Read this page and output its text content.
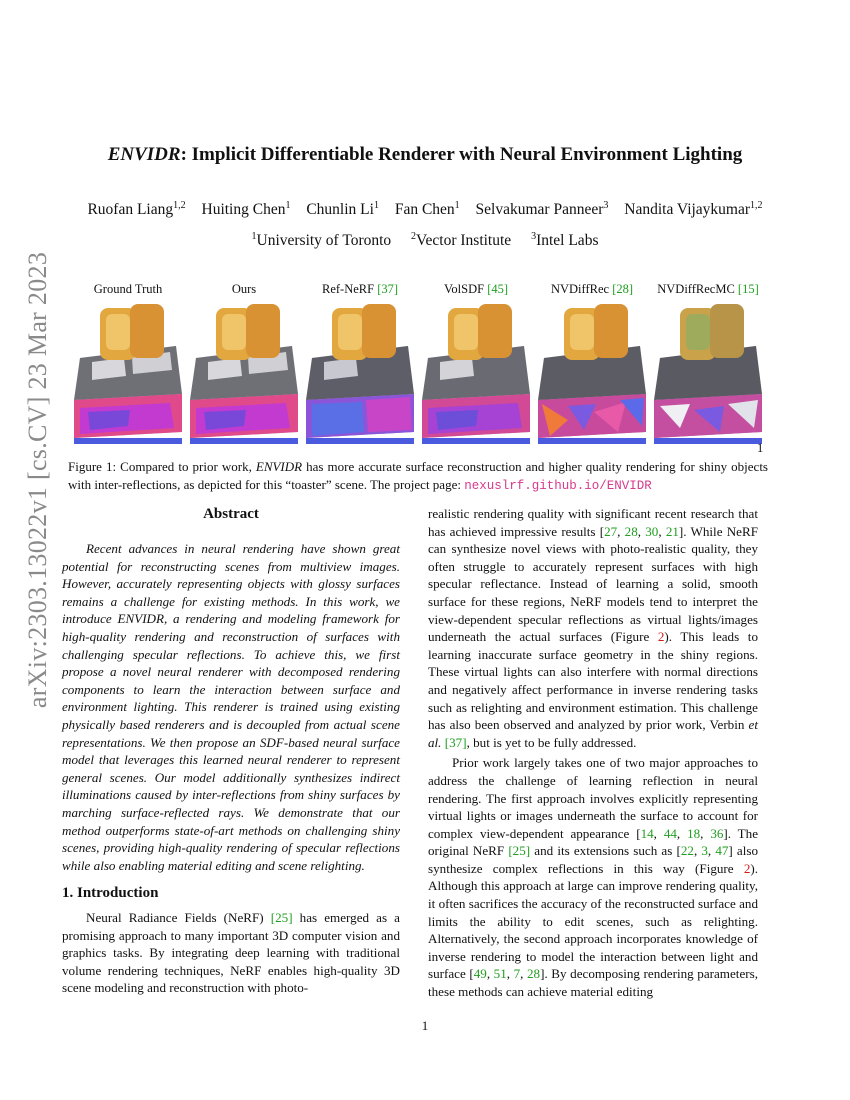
arXiv:2303.13022v1 [cs.CV] 23 Mar 2023
ENVIDR: Implicit Differentiable Renderer with Neural Environment Lighting
Ruofan Liang$^{1,2}$ Huiting Chen$^1$ Chunlin Li$^1$ Fan Chen$^1$ Selvakumar Panneer$^3$ Nandita Vijaykumar$^{1,2}$
$^1$University of Toronto $^2$Vector Institute $^3$Intel Labs
Ground Truth	Ours	Ref-NeRF [37]	VolSDF [45]	NVDiffRec [28]	NVDiffRecMC [15]
1
Figure 1: Compared to prior work, ENVIDR has more accurate surface reconstruction and higher quality rendering for shiny objects with inter-reflections, as depicted for this “toaster” scene. The project page: nexuslrf.github.io/ENVIDR
Abstract
Recent advances in neural rendering have shown great potential for reconstructing scenes from multiview images. However, accurately representing objects with glossy surfaces remains a challenge for existing methods. In this work, we introduce ENVIDR, a rendering and modeling framework for high-quality rendering and reconstruction of surfaces with challenging specular reflections. To achieve this, we first propose a novel neural renderer with decomposed rendering components to learn the interaction between surface and environment lighting. This renderer is trained using existing physically based renderers and is decoupled from actual scene representations. We then propose an SDF-based neural surface model that leverages this learned neural renderer to represent general scenes. Our model additionally synthesizes indirect illuminations caused by inter-reflections from shiny surfaces by marching surface-reflected rays. We demonstrate that our method outperforms state-of-art methods on challenging shiny scenes, providing high-quality rendering of specular reflections while also enabling material editing and scene relighting.
1. Introduction
Neural Radiance Fields (NeRF) [25] has emerged as a promising approach to many important 3D computer vision and graphics tasks. By integrating deep learning with traditional volume rendering techniques, NeRF enables high-quality 3D scene modeling and reconstruction with photo-

realistic rendering quality with significant recent research that has achieved impressive results [27, 28, 30, 21]. While NeRF can synthesize novel views with photo-realistic quality, they often struggle to accurately represent surfaces with high specular reflectance. Instead of learning a solid, smooth surface for these regions, NeRF models tend to interpret the view-dependent specular reflections as virtual lights/images underneath the actual surfaces (Figure 2). This leads to learning inaccurate surface geometry in the shiny regions. These virtual lights can also interfere with normal directions and negatively affect performance in inverse rendering tasks such as relighting and environment estimation. This challenge has also been observed and analyzed by prior work, Verbin et al. [37], but is yet to be fully addressed.

Prior work largely takes one of two major approaches to address the challenge of learning reflection in neural rendering. The first approach involves explicitly representing virtual lights or images underneath the surface to account for complex view-dependent appearance [14, 44, 18, 36]. The original NeRF [25] and its extensions such as [22, 3, 47] also synthesize complex reflections in this way (Figure 2). Although this approach at large can improve rendering quality, it often sacrifices the accuracy of the reconstructed surface and limits the ability to edit scenes, such as relighting. Alternatively, the second approach incorporates knowledge of inverse rendering to model the interaction between light and surface [49, 51, 7, 28]. By decomposing rendering parameters, these methods can achieve material editing

1
